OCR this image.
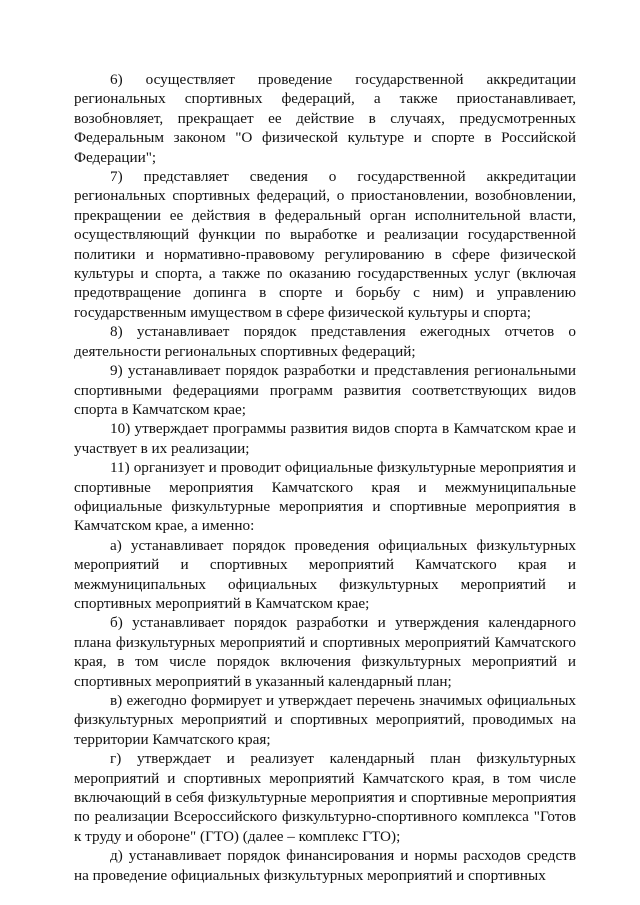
6) осуществляет проведение государственной аккредитации региональных спортивных федераций, а также приостанавливает, возобновляет, прекращает ее действие в случаях, предусмотренных Федеральным законом "О физической культуре и спорте в Российской Федерации";

7) представляет сведения о государственной аккредитации региональных спортивных федераций, о приостановлении, возобновлении, прекращении ее действия в федеральный орган исполнительной власти, осуществляющий функции по выработке и реализации государственной политики и нормативно-правовому регулированию в сфере физической культуры и спорта, а также по оказанию государственных услуг (включая предотвращение допинга в спорте и борьбу с ним) и управлению государственным имуществом в сфере физической культуры и спорта;

8) устанавливает порядок представления ежегодных отчетов о деятельности региональных спортивных федераций;

9) устанавливает порядок разработки и представления региональными спортивными федерациями программ развития соответствующих видов спорта в Камчатском крае;

10) утверждает программы развития видов спорта в Камчатском крае и участвует в их реализации;

11) организует и проводит официальные физкультурные мероприятия и спортивные мероприятия Камчатского края и межмуниципальные официальные физкультурные мероприятия и спортивные мероприятия в Камчатском крае, а именно:

а) устанавливает порядок проведения официальных физкультурных мероприятий и спортивных мероприятий Камчатского края и межмуниципальных официальных физкультурных мероприятий и спортивных мероприятий в Камчатском крае;

б) устанавливает порядок разработки и утверждения календарного плана физкультурных мероприятий и спортивных мероприятий Камчатского края, в том числе порядок включения физкультурных мероприятий и спортивных мероприятий в указанный календарный план;

в) ежегодно формирует и утверждает перечень значимых официальных физкультурных мероприятий и спортивных мероприятий, проводимых на территории Камчатского края;

г) утверждает и реализует календарный план физкультурных мероприятий и спортивных мероприятий Камчатского края, в том числе включающий в себя физкультурные мероприятия и спортивные мероприятия по реализации Всероссийского физкультурно-спортивного комплекса "Готов к труду и обороне" (ГТО) (далее – комплекс ГТО);

д) устанавливает порядок финансирования и нормы расходов средств на проведение официальных физкультурных мероприятий и спортивных
